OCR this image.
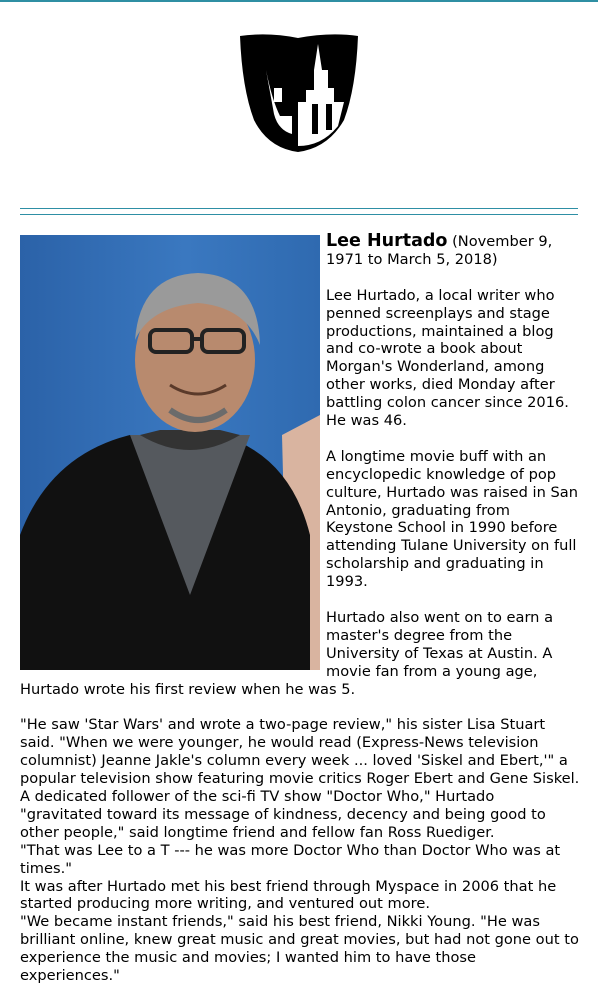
Lee Hurtado (November 9, 1971 to March 5, 2018)

Lee Hurtado, a local writer who penned screenplays and stage productions, maintained a blog and co-wrote a book about Morgan's Wonderland, among other works, died Monday after battling colon cancer since 2016. He was 46.

A longtime movie buff with an encyclopedic knowledge of pop culture, Hurtado was raised in San Antonio, graduating from Keystone School in 1990 before attending Tulane University on full scholarship and graduating in 1993.

Hurtado also went on to earn a master's degree from the University of Texas at Austin. A movie fan from a young age, Hurtado wrote his first review when he was 5.

"He saw 'Star Wars' and wrote a two-page review," his sister Lisa Stuart said. "When we were younger, he would read (Express-News television columnist) Jeanne Jakle's column every week ... loved 'Siskel and Ebert,'" a popular television show featuring movie critics Roger Ebert and Gene Siskel. A dedicated follower of the sci-fi TV show "Doctor Who," Hurtado "gravitated toward its message of kindness, decency and being good to other people," said longtime friend and fellow fan Ross Ruediger.

"That was Lee to a T --- he was more Doctor Who than Doctor Who was at times."

It was after Hurtado met his best friend through Myspace in 2006 that he started producing more writing, and ventured out more.

"We became instant friends," said his best friend, Nikki Young. "He was brilliant online, knew great music and great movies, but had not gone out to experience the music and movies; I wanted him to have those experiences."
